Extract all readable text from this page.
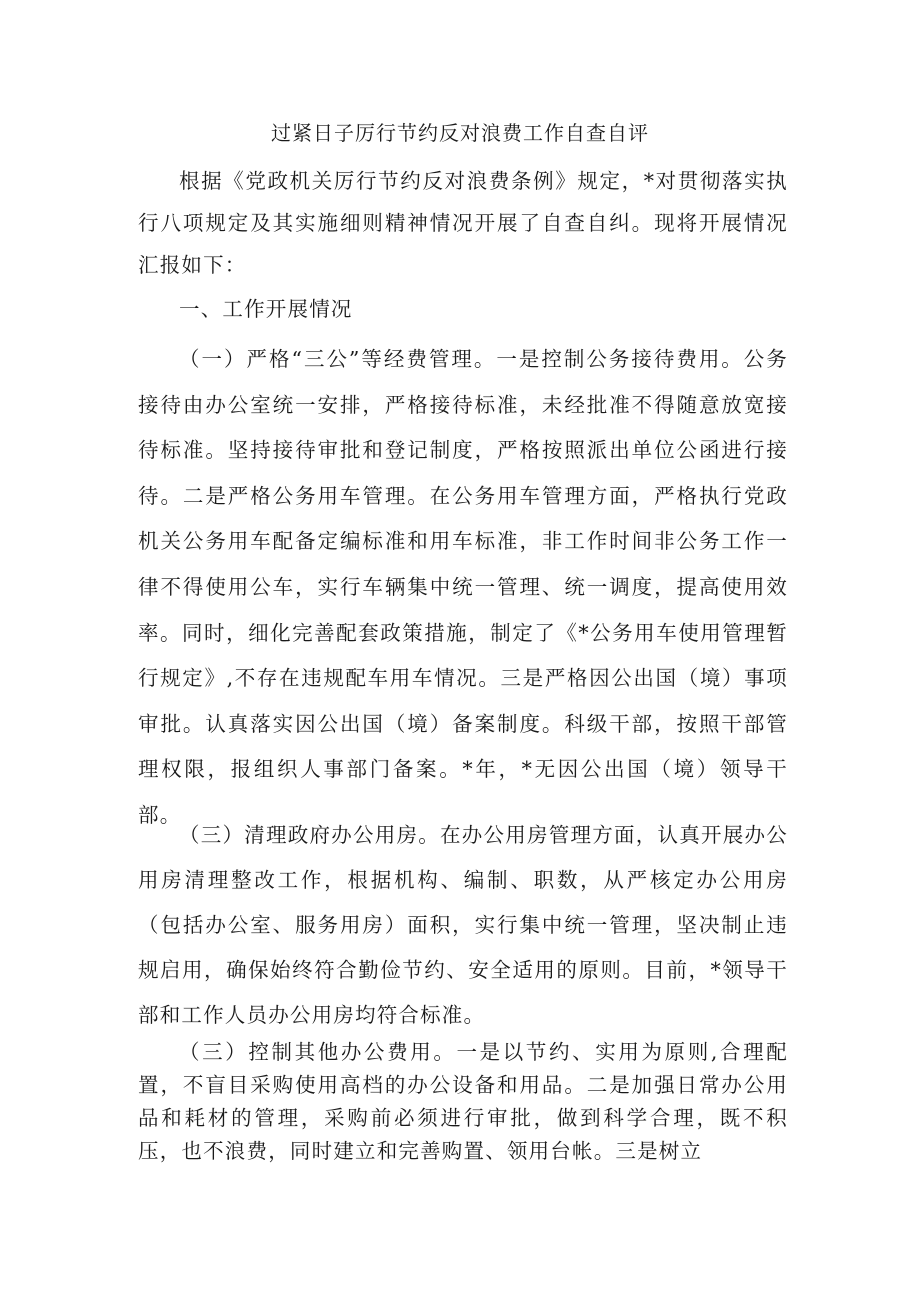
过紧日子厉行节约反对浪费工作自查自评

根据《党政机关厉行节约反对浪费条例》规定，*对贯彻落实执行八项规定及其实施细则精神情况开展了自查自纠。现将开展情况汇报如下：

一、工作开展情况

（一）严格“三公”等经费管理。一是控制公务接待费用。公务接待由办公室统一安排，严格接待标准，未经批准不得随意放宽接待标准。坚持接待审批和登记制度，严格按照派出单位公函进行接待。二是严格公务用车管理。在公务用车管理方面，严格执行党政机关公务用车配备定编标准和用车标准，非工作时间非公务工作一律不得使用公车，实行车辆集中统一管理、统一调度，提高使用效率。同时，细化完善配套政策措施，制定了《*公务用车使用管理暂行规定》,不存在违规配车用车情况。三是严格因公出国（境）事项审批。认真落实因公出国（境）备案制度。科级干部，按照干部管理权限，报组织人事部门备案。*年，*无因公出国（境）领导干部。

（三）清理政府办公用房。在办公用房管理方面，认真开展办公用房清理整改工作，根据机构、编制、职数，从严核定办公用房（包括办公室、服务用房）面积，实行集中统一管理，坚决制止违规启用，确保始终符合勤俭节约、安全适用的原则。目前，*领导干部和工作人员办公用房均符合标准。

（三）控制其他办公费用。一是以节约、实用为原则,合理配置，不盲目采购使用高档的办公设备和用品。二是加强日常办公用品和耗材的管理，采购前必须进行审批，做到科学合理，既不积压，也不浪费，同时建立和完善购置、领用台帐。三是树立
